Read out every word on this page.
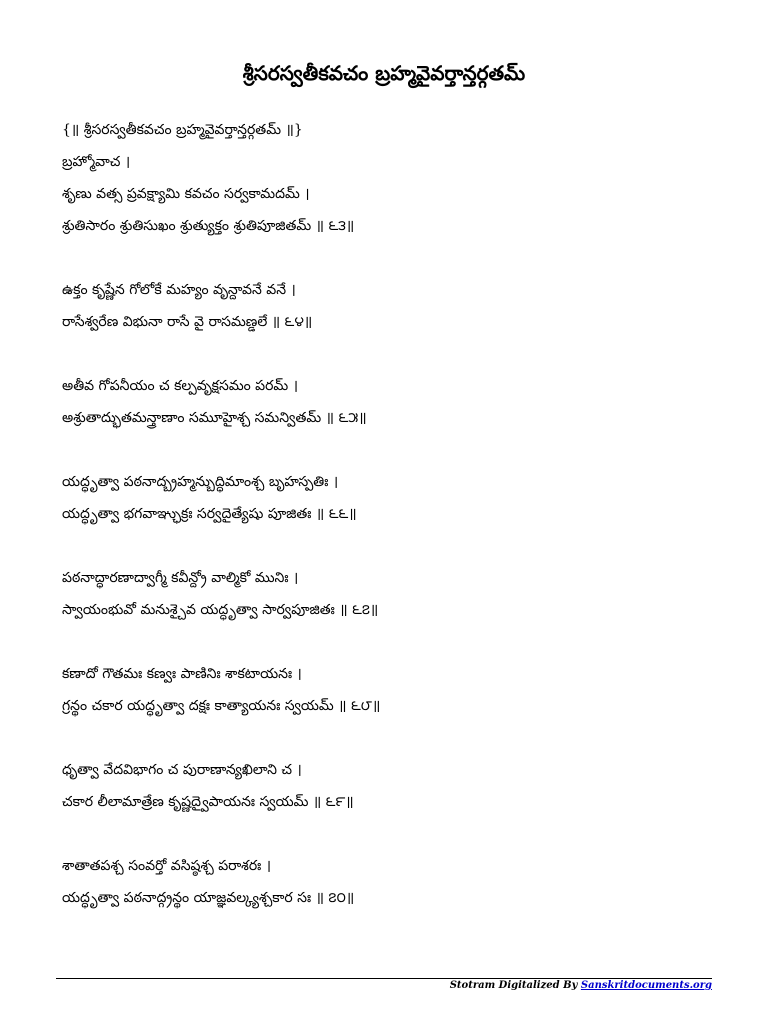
శ్రీసరస్వతీకవచం బ్రహ్మవైవర్తాన్తర్గతమ్
{॥ శ్రీసరస్వతీకవచం బ్రహ్మవైవర్తాన్తర్గతమ్ ॥}
బ్రహ్మోవాచ ।
శృణు వత్స ప్రవక్ష్యామి కవచం సర్వకామదమ్ ।
శ్రుతిసారం శ్రుతిసుఖం శ్రుత్యుక్తం శ్రుతిపూజితమ్ ॥ ౬౩॥
ఉక్తం కృష్ణేన గోలోకే మహ్యం వృన్దావనే వనే ।
రాసేశ్వరేణ విభునా రాసే వై రాసమణ్డలే ॥ ౬౪॥
అతీవ గోపనీయం చ కల్పవృక్షసమం పరమ్ ।
అశ్రుతాద్భుతమన్త్రాణాం సమూహైశ్చ సమన్వితమ్ ॥ ౬౫॥
యద్ధృత్వా పఠనాద్బ్రహ్మన్బుద్ధిమాంశ్చ బృహస్పతిః ।
యద్ధృత్వా భగవాఞ్ఛుక్రః సర్వదైత్యేషు పూజితః ॥ ౬౬॥
పఠనాద్ధారణాద్వాగ్మీ కవీన్ద్రో వాల్మికో మునిః ।
స్వాయంభువో మనుశ్చైవ యద్ధృత్వా సార్వపూజితః ॥ ౬౭॥
కణాదో గౌతమః కణ్వః పాణినిః శాకటాయనః ।
గ్రన్థం చకార యద్ధృత్వా దక్షః కాత్యాయనః స్వయమ్ ॥ ౬౮॥
ధృత్వా వేదవిభాగం చ పురాణాన్యఖిలాని చ ।
చకార లీలామాత్రేణ కృష్ణద్వైపాయనః స్వయమ్ ॥ ౬౯॥
శాతాతపశ్చ సంవర్తో వసిష్ఠశ్చ పరాశరః ।
యద్ధృత్వా పఠనాద్గ్రన్థం యాజ్ఞవల్క్యశ్చకార సః ॥ ౭౦॥
Stotram Digitalized By Sanskritdocuments.org
